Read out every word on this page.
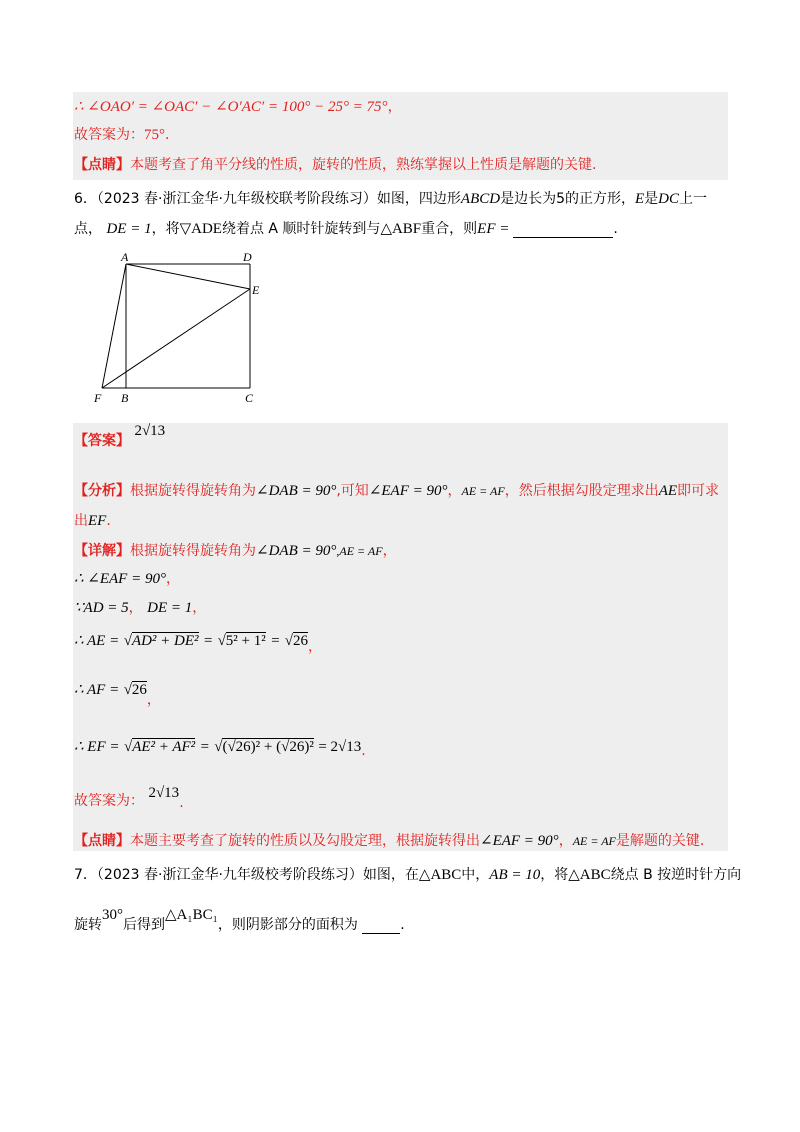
∴ ∠OAO′ = ∠OAC′ − ∠O′AC′ = 100° − 25° = 75°，
故答案为：75°.
【点睛】本题考查了角平分线的性质，旋转的性质，熟练掌握以上性质是解题的关键.
6．（2023 春·浙江金华·九年级校联考阶段练习）如图，四边形ABCD是边长为5的正方形，E是DC上一
点， DE = 1，将▽ADE绕着点 A 顺时针旋转到与△ABF重合，则EF =	.
A	D
E
F B	C
【答案】 2√13
【分析】根据旋转得旋转角为∠DAB = 90°,可知∠EAF = 90°，AE = AF，然后根据勾股定理求出AE即可求
出EF.
【详解】根据旋转得旋转角为∠DAB = 90°,AE = AF，
∴ ∠EAF = 90°，
∵AD = 5， DE = 1，
∴ AE = √AD² + DE² = √5² + 1² = √26，
∴ AF = √26，
∴ EF = √AE² + AF² = √(√26)² + (√26)² = 2√13.
故答案为： 2√13.
【点睛】本题主要考查了旋转的性质以及勾股定理，根据旋转得出∠EAF = 90°，AE = AF是解题的关键.
7．（2023 春·浙江金华·九年级校考阶段练习）如图，在△ABC中，AB = 10，将△ABC绕点 B 按逆时针方向
旋转30°后得到△A₁BC₁，则阴影部分的面积为	.
